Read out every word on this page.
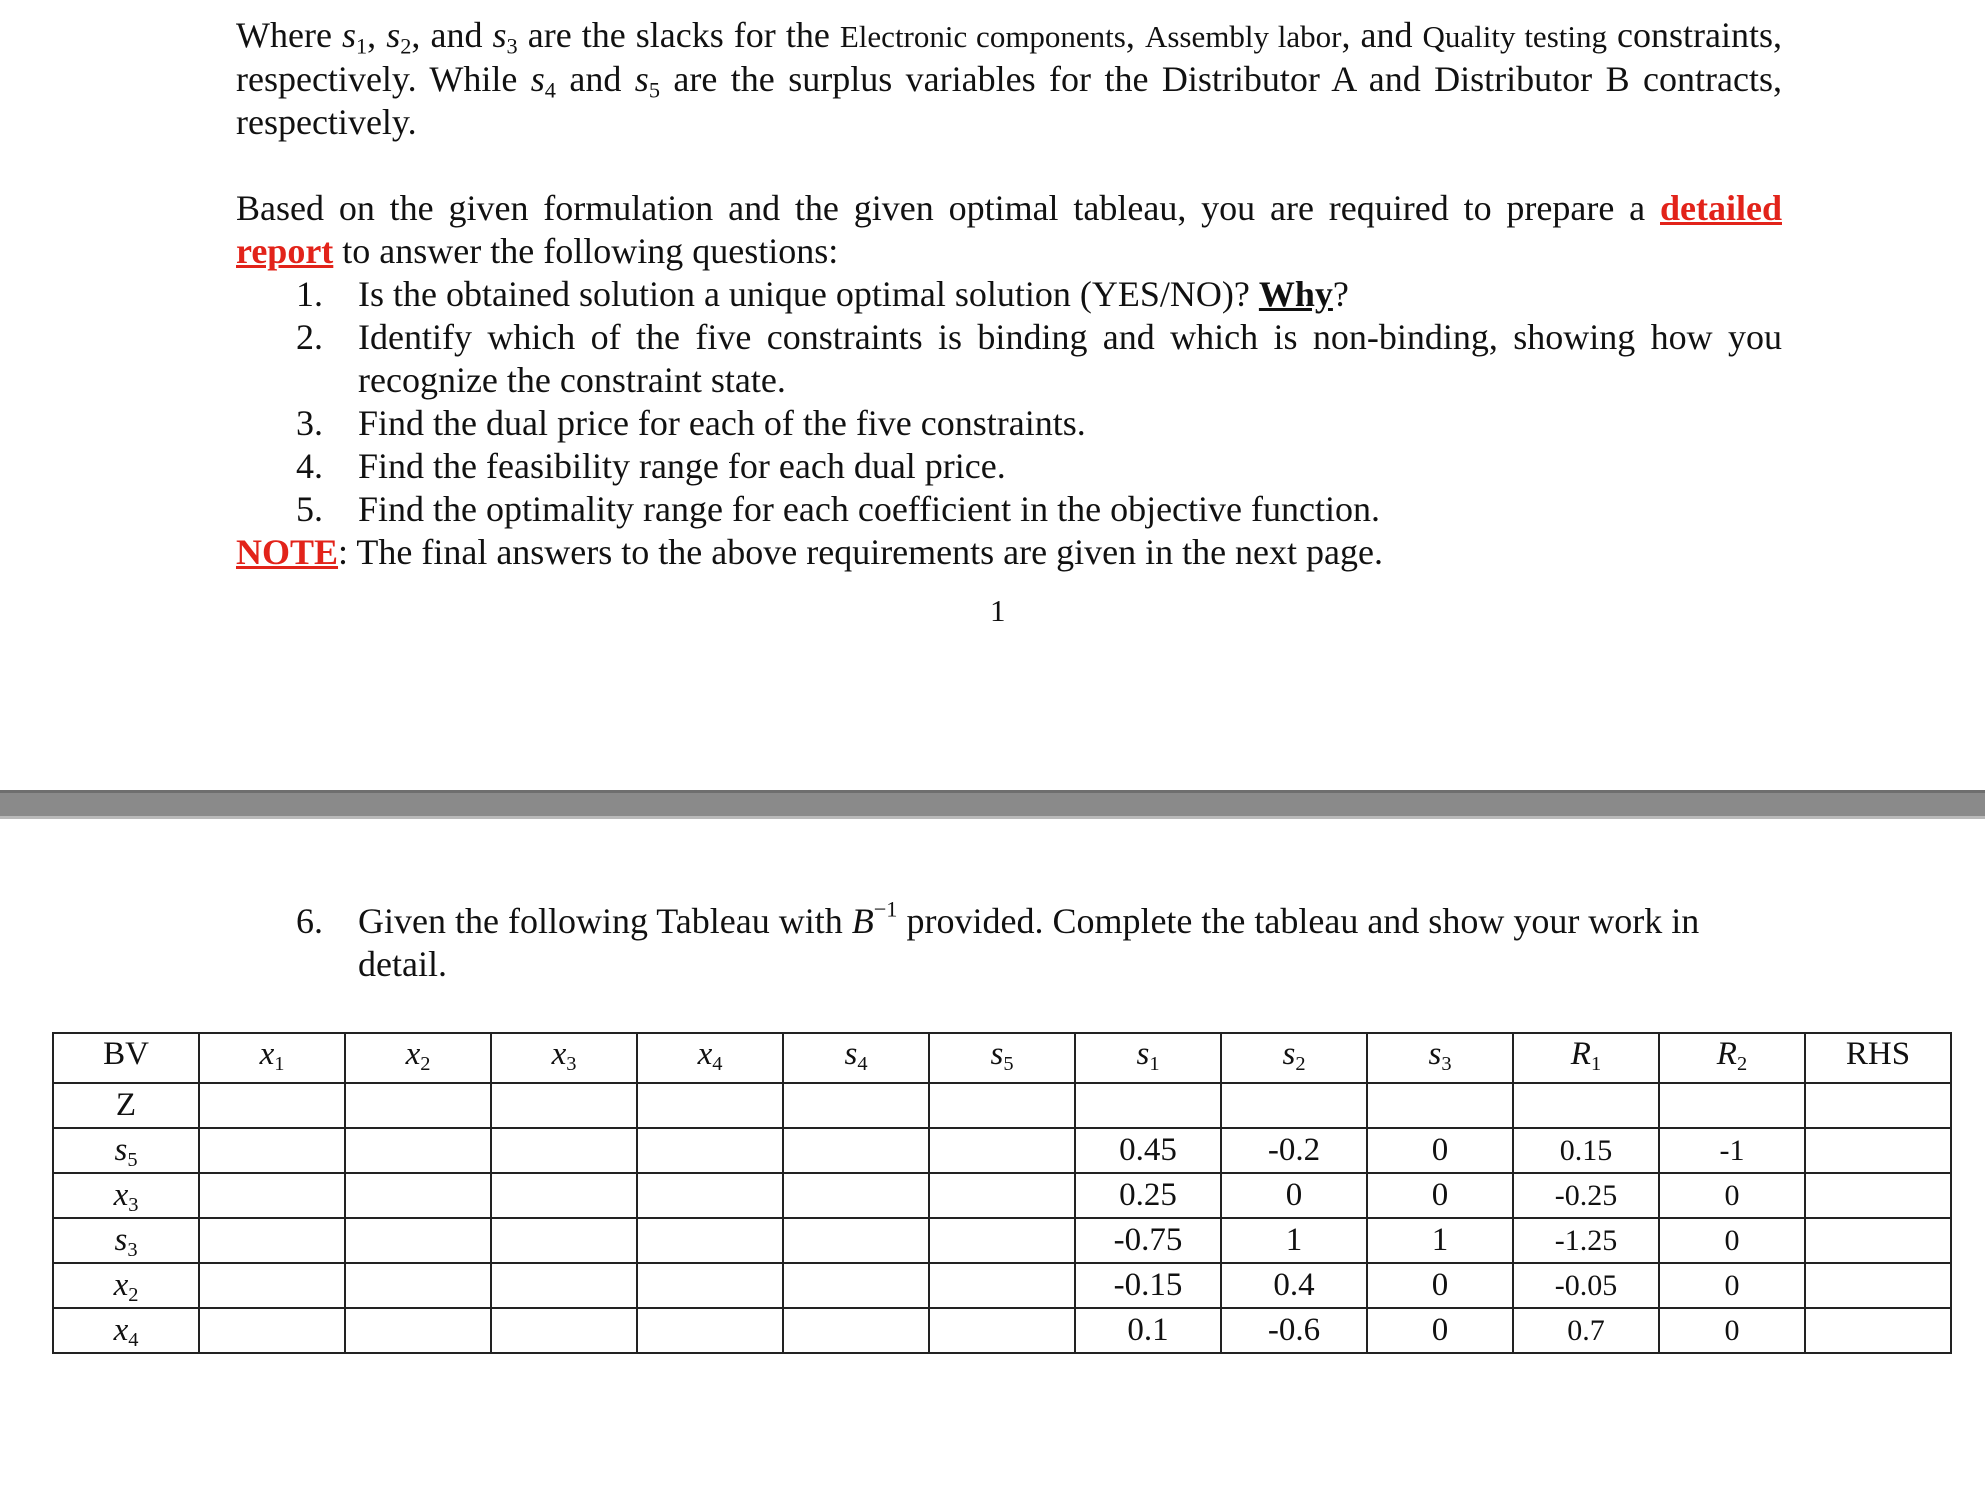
Where $s_1$, $s_2$, and $s_3$ are the slacks for the Electronic components, Assembly labor, and Quality testing constraints, respectively. While $s_4$ and $s_5$ are the surplus variables for the Distributor A and Distributor B contracts, respectively.

Based on the given formulation and the given optimal tableau, you are required to prepare a detailed report to answer the following questions:

1. Is the obtained solution a unique optimal solution (YES/NO)? Why?
2. Identify which of the five constraints is binding and which is non-binding, showing how you recognize the constraint state.
3. Find the dual price for each of the five constraints.
4. Find the feasibility range for each dual price.
5. Find the optimality range for each coefficient in the objective function.
NOTE: The final answers to the above requirements are given in the next page.
1
6. Given the following Tableau with $B^{-1}$ provided. Complete the tableau and show your work in detail.
BV	$x_1$	$x_2$	$x_3$	$x_4$	$s_4$	$s_5$	$s_1$	$s_2$	$s_3$	$R_1$	$R_2$	RHS
Z												
$s_5$							0.45	-0.2	0	0.15	-1	
$x_3$							0.25	0	0	-0.25	0	
$s_3$							-0.75	1	1	-1.25	0	
$x_2$							-0.15	0.4	0	-0.05	0	
$x_4$							0.1	-0.6	0	0.7	0	
